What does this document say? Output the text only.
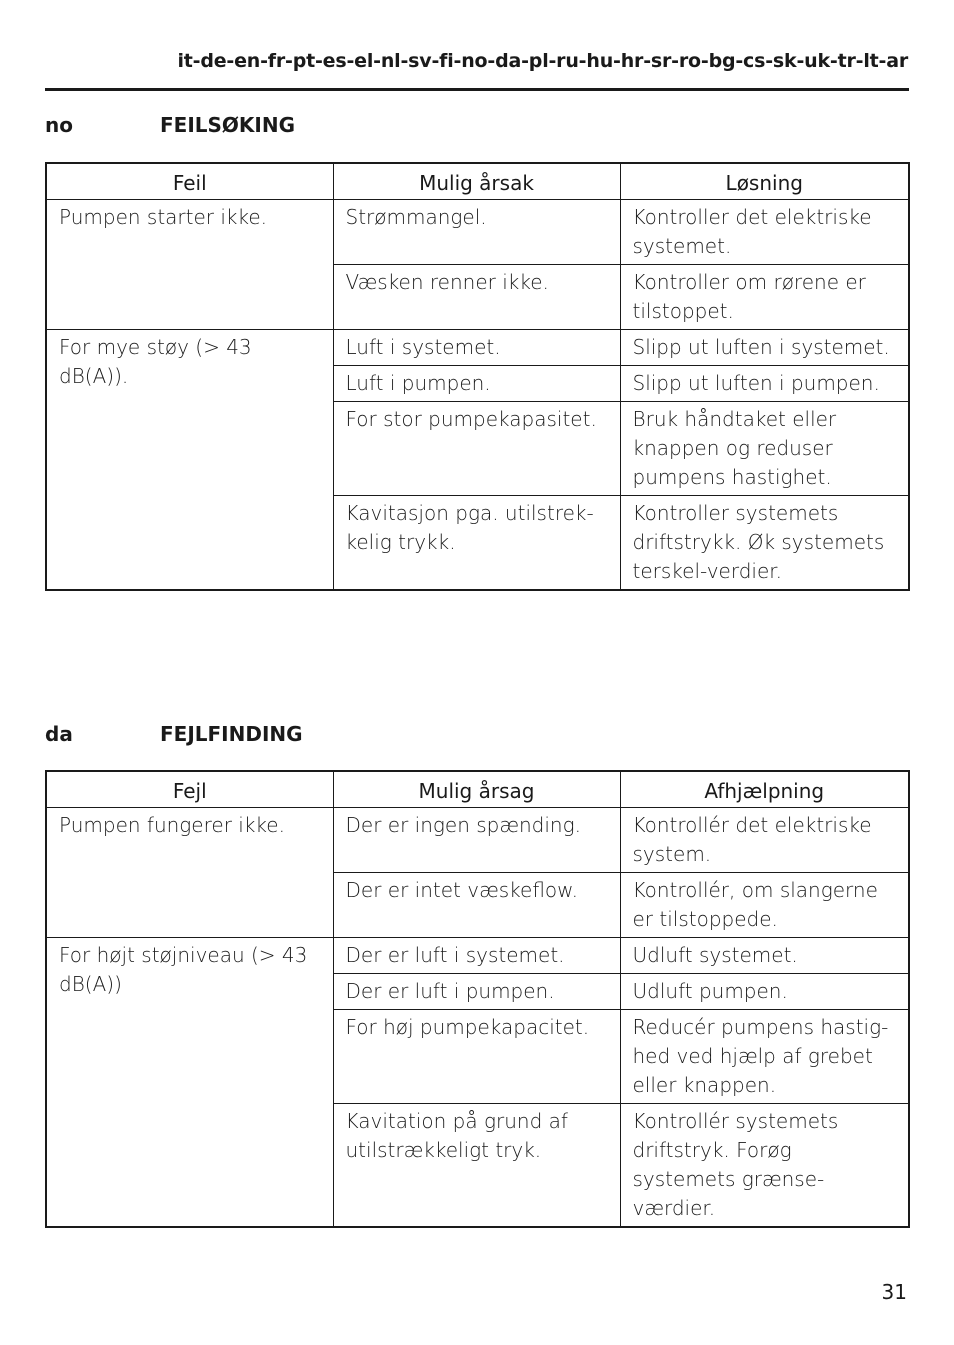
it-de-en-fr-pt-es-el-nl-sv-fi-no-da-pl-ru-hu-hr-sr-ro-bg-cs-sk-uk-tr-lt-ar
no	FEILSØKING
Feil	Mulig årsak	Løsning
Pumpen starter ikke.	Strømmangel.	Kontroller det elektriske systemet.
	Væsken renner ikke.	Kontroller om rørene er tilstoppet.
For mye støy (> 43 dB(A)).	Luft i systemet.	Slipp ut luften i systemet.
	Luft i pumpen.	Slipp ut luften i pumpen.
	For stor pumpekapasitet.	Bruk håndtaket eller knappen og reduser pumpens hastighet.
	Kavitasjon pga. utilstrek-kelig trykk.	Kontroller systemets driftstrykk. Øk systemets terskel-verdier.
da	FEJLFINDING
Fejl	Mulig årsag	Afhjælpning
Pumpen fungerer ikke.	Der er ingen spænding.	Kontrollér det elektriske system.
	Der er intet væskeflow.	Kontrollér, om slangerne er tilstoppede.
For højt støjniveau (> 43 dB(A))	Der er luft i systemet.	Udluft systemet.
	Der er luft i pumpen.	Udluft pumpen.
	For høj pumpekapacitet.	Reducér pumpens hastig-hed ved hjælp af grebet eller knappen.
	Kavitation på grund af utilstrækkeligt tryk.	Kontrollér systemets driftstryk. Forøg systemets grænse-værdier.
31
